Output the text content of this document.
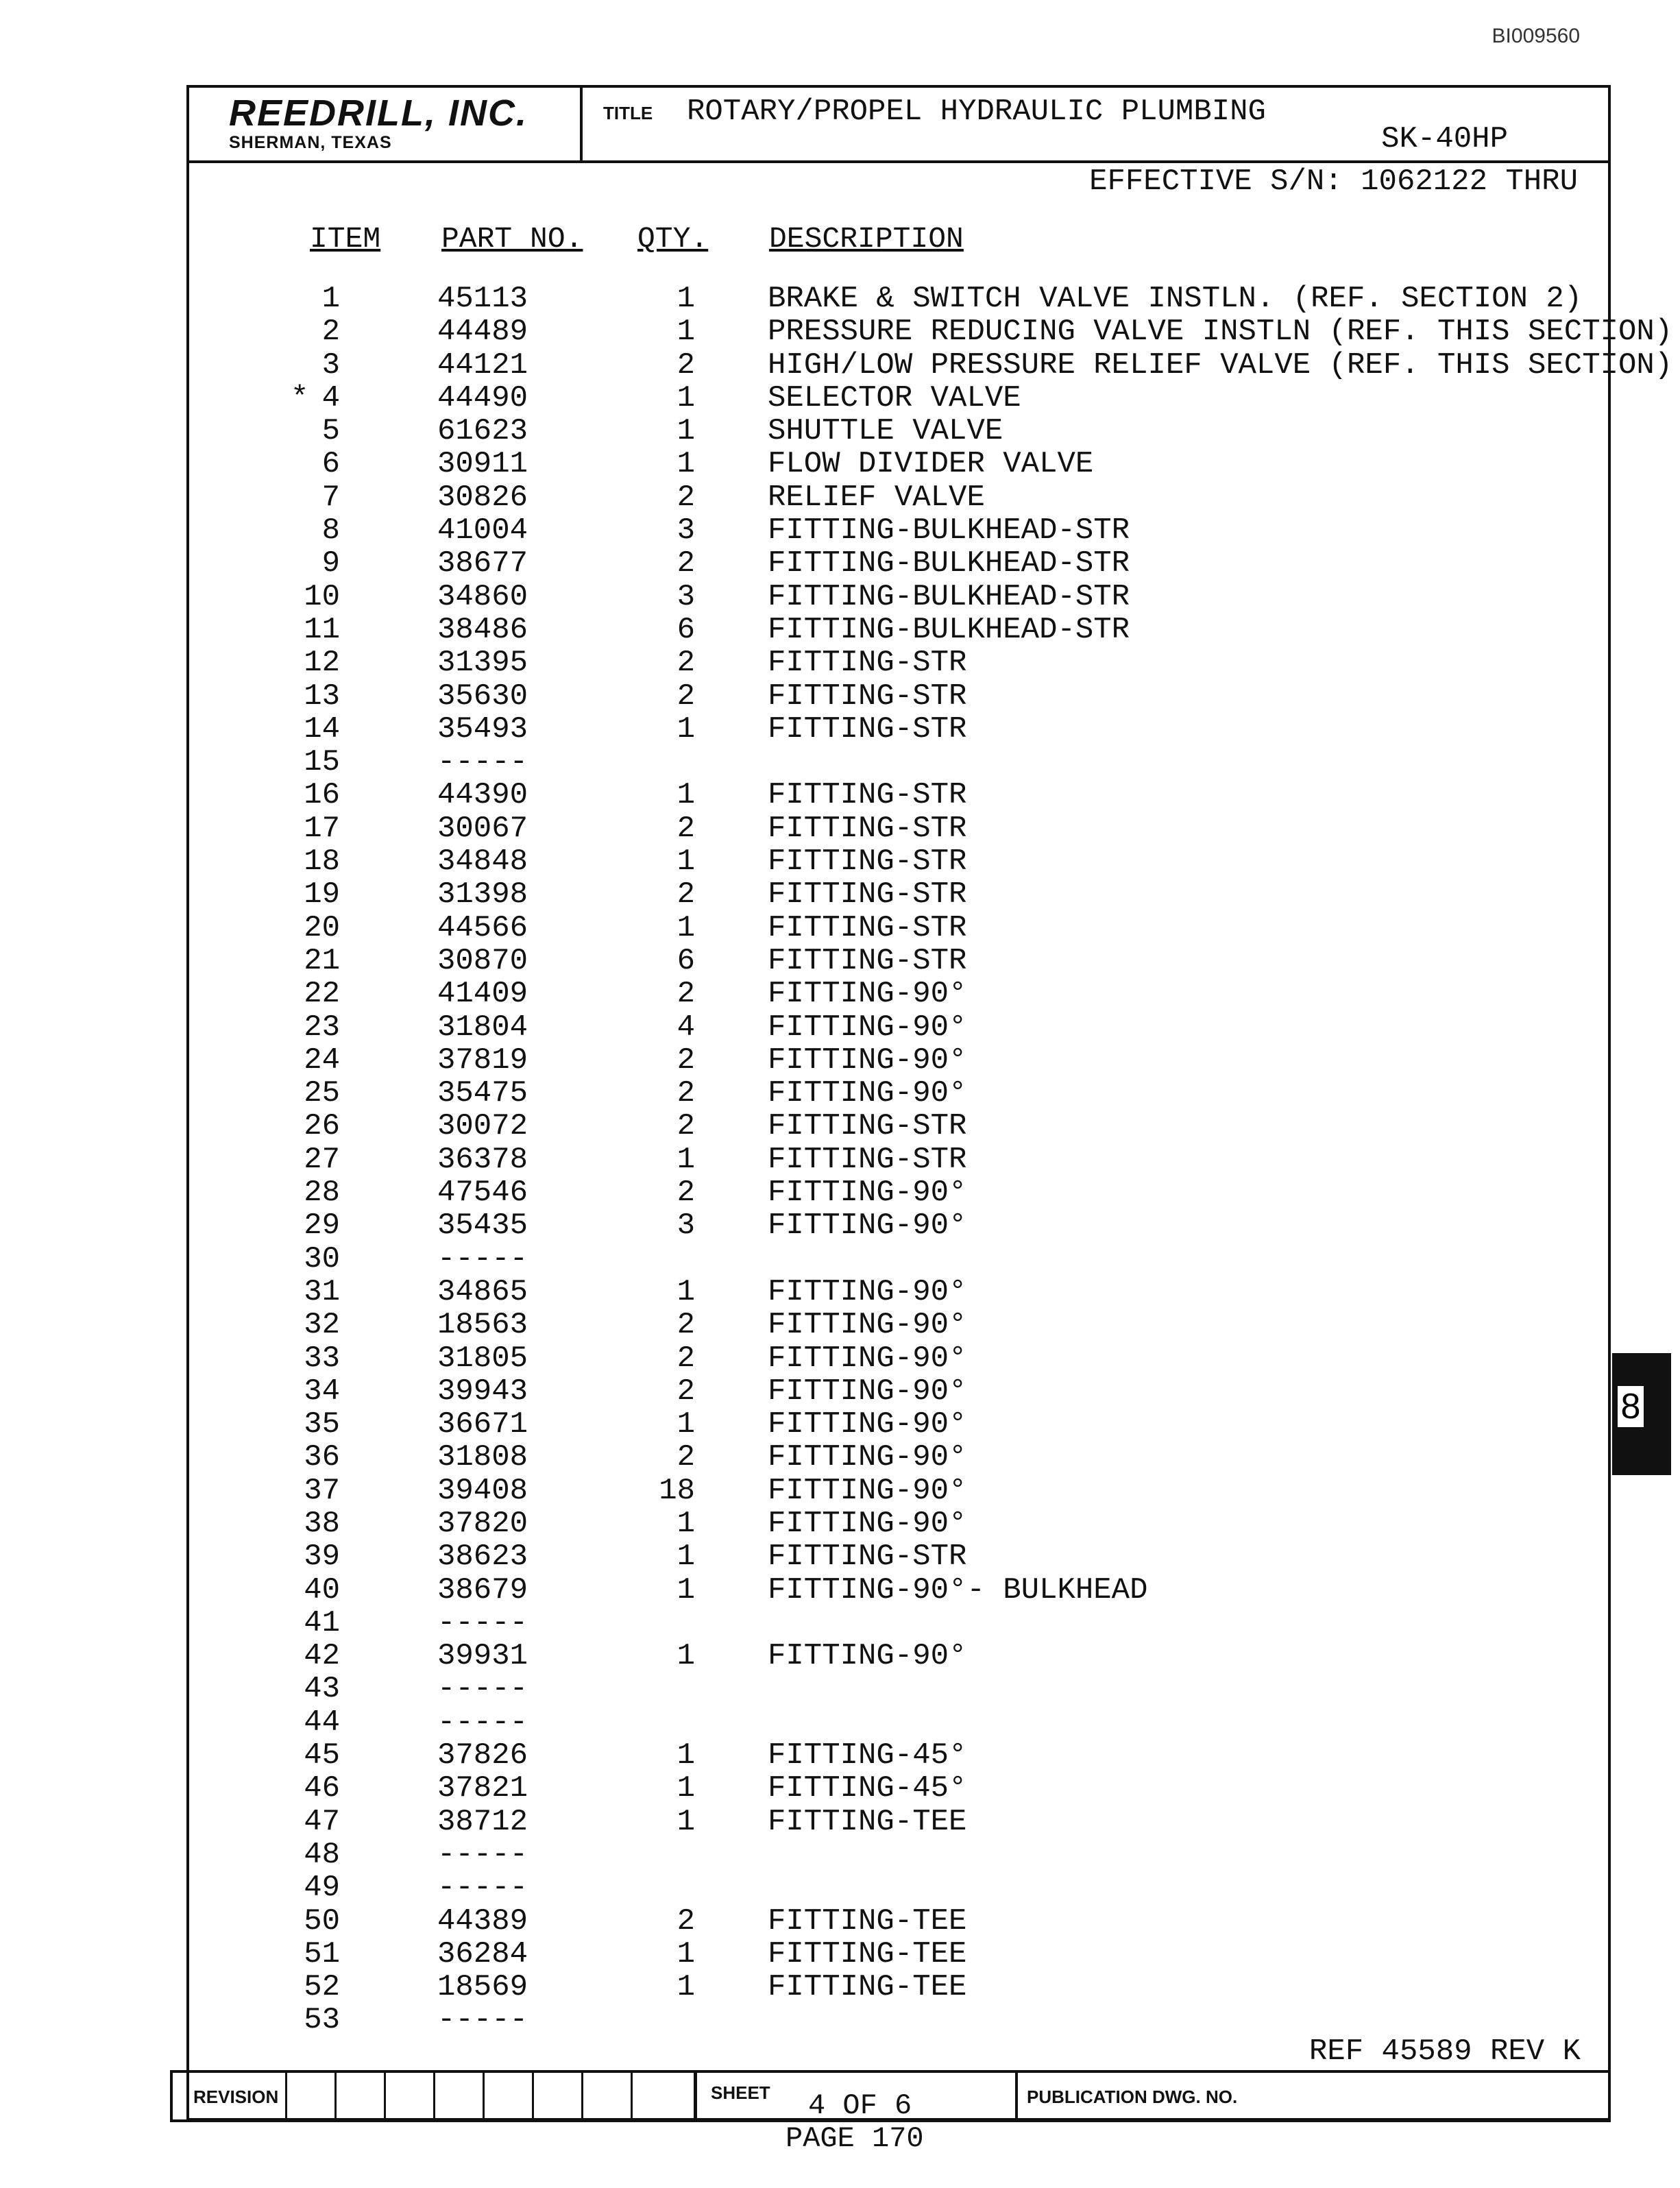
BI009560
REEDRILL, INC.
SHERMAN, TEXAS
TITLE ROTARY/PROPEL HYDRAULIC PLUMBING
SK-40HP
EFFECTIVE S/N: 1062122 THRU
ITEM PART NO. QTY. DESCRIPTION
1	45113	1 BRAKE & SWITCH VALVE INSTLN. (REF. SECTION 2)
2	44489	1 PRESSURE REDUCING VALVE INSTLN (REF. THIS SECTION)
3	44121	2 HIGH/LOW PRESSURE RELIEF VALVE (REF. THIS SECTION)
* 4	44490	1 SELECTOR VALVE
5	61623	1 SHUTTLE VALVE
6	30911	1 FLOW DIVIDER VALVE
7	30826	2 RELIEF VALVE
8	41004	3 FITTING-BULKHEAD-STR
9	38677	2 FITTING-BULKHEAD-STR
10	34860	3 FITTING-BULKHEAD-STR
11	38486	6 FITTING-BULKHEAD-STR
12	31395	2 FITTING-STR
13	35630	2 FITTING-STR
14	35493	1 FITTING-STR
15	-----
16	44390	1 FITTING-STR
17	30067	2 FITTING-STR
18	34848	1 FITTING-STR
19	31398	2 FITTING-STR
20	44566	1 FITTING-STR
21	30870	6 FITTING-STR
22	41409	2 FITTING-90°
23	31804	4 FITTING-90°
24	37819	2 FITTING-90°
25	35475	2 FITTING-90°
26	30072	2 FITTING-STR
27	36378	1 FITTING-STR
28	47546	2 FITTING-90°
29	35435	3 FITTING-90°
30	-----
31	34865	1 FITTING-90°
32	18563	2 FITTING-90°
33	31805	2 FITTING-90°
34	39943	2 FITTING-90°
35	36671	1 FITTING-90°
36	31808	2 FITTING-90°
37	39408	18 FITTING-90°
38	37820	1 FITTING-90°
39	38623	1 FITTING-STR
40	38679	1 FITTING-90°- BULKHEAD
41	-----
42	39931	1 FITTING-90°
43	-----
44	-----
45	37826	1 FITTING-45°
46	37821	1 FITTING-45°
47	38712	1 FITTING-TEE
48	-----
49	-----
50	44389	2 FITTING-TEE
51	36284	1 FITTING-TEE
52	18569	1 FITTING-TEE
53	-----
REF 45589 REV K
REVISION	SHEET 4 OF 6	PUBLICATION DWG. NO.
PAGE 170
8
